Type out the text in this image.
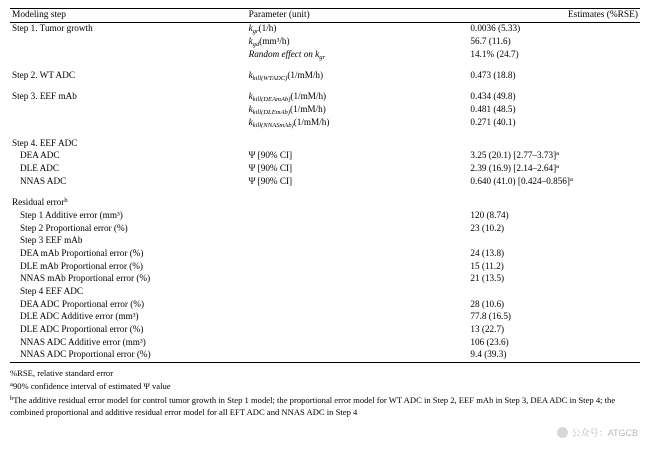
Modeling step	Parameter (unit)	Estimates (%RSE)
Step 1. Tumor growth	$k_{gr}(1/h)$	0.0036 (5.33)
	$k_{gd}(mm^3/h)$	56.7 (11.6)
	Random effect on $k_{gr}$	14.1% (24.7)

Step 2. WT ADC	$k_{kill(WTADC)}(1/mM/h)$	0.473 (18.8)

Step 3. EEF mAb	$k_{kill(DEAmAb)}(1/mM/h)$	0.434 (49.8)
	$k_{kill(DLEmAb)}(1/mM/h)$	0.481 (48.5)
	$k_{kill(NNASmAb)}(1/mM/h)$	0.271 (40.1)

Step 4. EEF ADC		
DEA ADC	Ψ [90% CI]	3.25 (20.1) $[2.77-3.73]^a$
DLE ADC	Ψ [90% CI]	2.39 (16.9) $[2.14-2.64]^a$
NNAS ADC	Ψ [90% CI]	0.640 (41.0) $[0.424-0.856]^a$

Residual error$^b$		
Step 1 Additive error (mm³)		120 (8.74)
Step 2 Proportional error (%)		23 (10.2)
Step 3 EEF mAb		
DEA mAb Proportional error (%)		24 (13.8)
DLE mAb Proportional error (%)		15 (11.2)
NNAS mAb Proportional error (%)		21 (13.5)
Step 4 EEF ADC		
DEA ADC Proportional error (%)		28 (10.6)
DLE ADC Additive error (mm³)		77.8 (16.5)
DLE ADC Proportional error (%)		13 (22.7)
NNAS ADC Additive error (mm³)		106 (23.6)
NNAS ADC Proportional error (%)		9.4 (39.3)

%RSE, relative standard error

$^a$90% confidence interval of estimated Ψ value

$^b$The additive residual error model for control tumor growth in Step 1 model; the proportional error model for WT ADC in Step 2, EEF mAb in Step 3, DEA ADC in Step 4; the combined proportional and additive residual error model for all EFT ADC and NNAS ADC in Step 4

公众号：ATGCB
